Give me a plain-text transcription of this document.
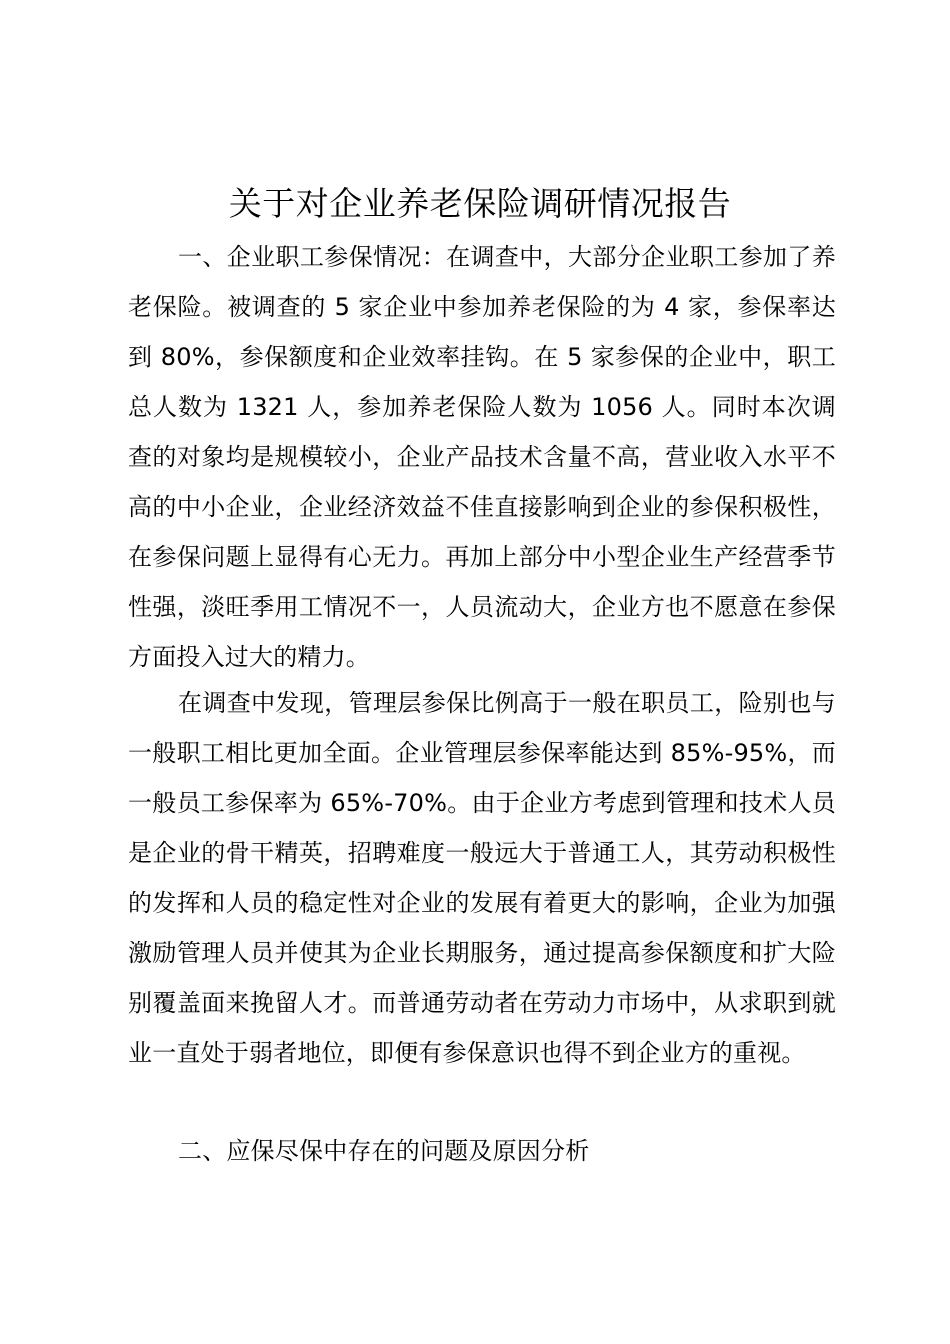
关于对企业养老保险调研情况报告

一、企业职工参保情况：在调查中，大部分企业职工参加了养老保险。被调查的 5 家企业中参加养老保险的为 4 家，参保率达到 80%，参保额度和企业效率挂钩。在 5 家参保的企业中，职工总人数为 1321 人，参加养老保险人数为 1056 人。同时本次调查的对象均是规模较小，企业产品技术含量不高，营业收入水平不高的中小企业，企业经济效益不佳直接影响到企业的参保积极性，在参保问题上显得有心无力。再加上部分中小型企业生产经营季节性强，淡旺季用工情况不一，人员流动大，企业方也不愿意在参保方面投入过大的精力。

在调查中发现，管理层参保比例高于一般在职员工，险别也与一般职工相比更加全面。企业管理层参保率能达到 85%-95%，而一般员工参保率为 65%-70%。由于企业方考虑到管理和技术人员是企业的骨干精英，招聘难度一般远大于普通工人，其劳动积极性的发挥和人员的稳定性对企业的发展有着更大的影响，企业为加强激励管理人员并使其为企业长期服务，通过提高参保额度和扩大险别覆盖面来挽留人才。而普通劳动者在劳动力市场中，从求职到就业一直处于弱者地位，即便有参保意识也得不到企业方的重视。

二、应保尽保中存在的问题及原因分析
